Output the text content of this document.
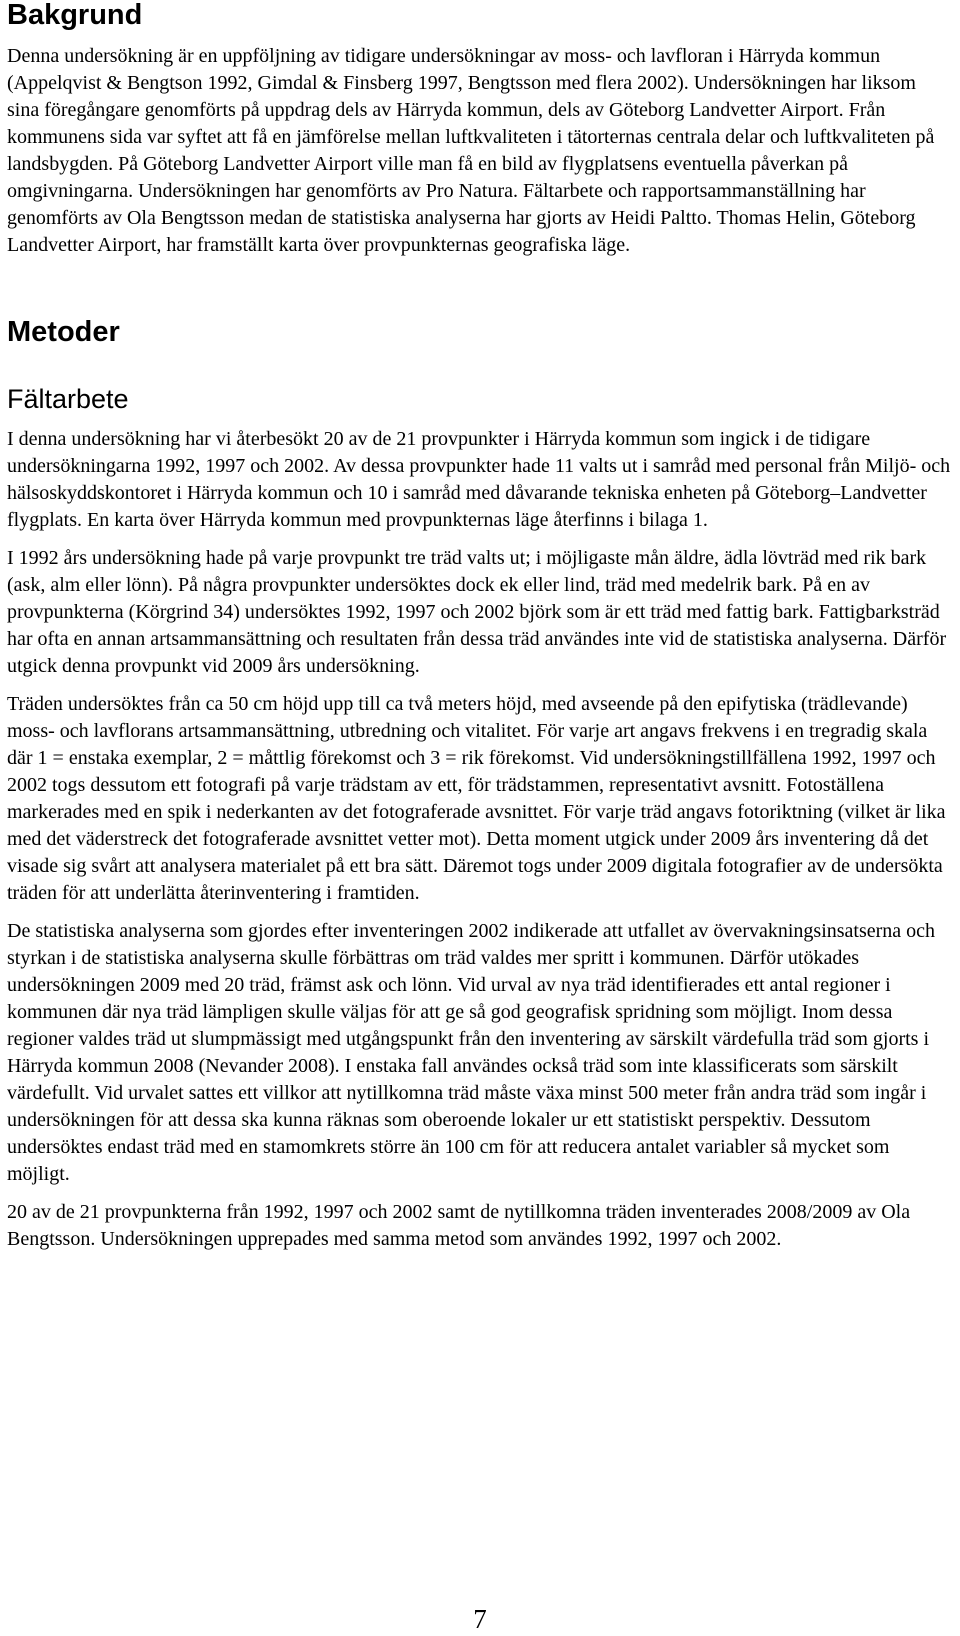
Bakgrund

Denna undersökning är en uppföljning av tidigare undersökningar av moss- och lavfloran i Härryda kommun (Appelqvist & Bengtson 1992, Gimdal & Finsberg 1997, Bengtsson med flera 2002). Undersökningen har liksom sina föregångare genomförts på uppdrag dels av Härryda kommun, dels av Göteborg Landvetter Airport. Från kommunens sida var syftet att få en jämförelse mellan luftkvaliteten i tätorternas centrala delar och luftkvaliteten på landsbygden. På Göteborg Landvetter Airport ville man få en bild av flygplatsens eventuella påverkan på omgivningarna. Undersökningen har genomförts av Pro Natura. Fältarbete och rapportsammanställning har genomförts av Ola Bengtsson medan de statistiska analyserna har gjorts av Heidi Paltto. Thomas Helin, Göteborg Landvetter Airport, har framställt karta över provpunkternas geografiska läge.

Metoder
Fältarbete

I denna undersökning har vi återbesökt 20 av de 21 provpunkter i Härryda kommun som ingick i de tidigare undersökningarna 1992, 1997 och 2002. Av dessa provpunkter hade 11 valts ut i samråd med personal från Miljö- och hälsoskyddskontoret i Härryda kommun och 10 i samråd med dåvarande tekniska enheten på Göteborg–Landvetter flygplats. En karta över Härryda kommun med provpunkternas läge återfinns i bilaga 1.

I 1992 års undersökning hade på varje provpunkt tre träd valts ut; i möjligaste mån äldre, ädla lövträd med rik bark (ask, alm eller lönn). På några provpunkter undersöktes dock ek eller lind, träd med medelrik bark. På en av provpunkterna (Körgrind 34) undersöktes 1992, 1997 och 2002 björk som är ett träd med fattig bark. Fattigbarksträd har ofta en annan artsammansättning och resultaten från dessa träd användes inte vid de statistiska analyserna. Därför utgick denna provpunkt vid 2009 års undersökning.

Träden undersöktes från ca 50 cm höjd upp till ca två meters höjd, med avseende på den epifytiska (trädlevande) moss- och lavflorans artsammansättning, utbredning och vitalitet. För varje art angavs frekvens i en tregradig skala där 1 = enstaka exemplar, 2 = måttlig förekomst och 3 = rik förekomst. Vid undersökningstillfällena 1992, 1997 och 2002 togs dessutom ett fotografi på varje trädstam av ett, för trädstammen, representativt avsnitt. Fotoställena markerades med en spik i nederkanten av det fotograferade avsnittet. För varje träd angavs fotoriktning (vilket är lika med det väderstreck det fotograferade avsnittet vetter mot). Detta moment utgick under 2009 års inventering då det visade sig svårt att analysera materialet på ett bra sätt. Däremot togs under 2009 digitala fotografier av de undersökta träden för att underlätta återinventering i framtiden.

De statistiska analyserna som gjordes efter inventeringen 2002 indikerade att utfallet av övervakningsinsatserna och styrkan i de statistiska analyserna skulle förbättras om träd valdes mer spritt i kommunen. Därför utökades undersökningen 2009 med 20 träd, främst ask och lönn. Vid urval av nya träd identifierades ett antal regioner i kommunen där nya träd lämpligen skulle väljas för att ge så god geografisk spridning som möjligt. Inom dessa regioner valdes träd ut slumpmässigt med utgångspunkt från den inventering av särskilt värdefulla träd som gjorts i Härryda kommun 2008 (Nevander 2008). I enstaka fall användes också träd som inte klassificerats som särskilt värdefullt. Vid urvalet sattes ett villkor att nytillkomna träd måste växa minst 500 meter från andra träd som ingår i undersökningen för att dessa ska kunna räknas som oberoende lokaler ur ett statistiskt perspektiv. Dessutom undersöktes endast träd med en stamomkrets större än 100 cm för att reducera antalet variabler så mycket som möjligt.

20 av de 21 provpunkterna från 1992, 1997 och 2002 samt de nytillkomna träden inventerades 2008/2009 av Ola Bengtsson. Undersökningen upprepades med samma metod som användes 1992, 1997 och 2002.

7
